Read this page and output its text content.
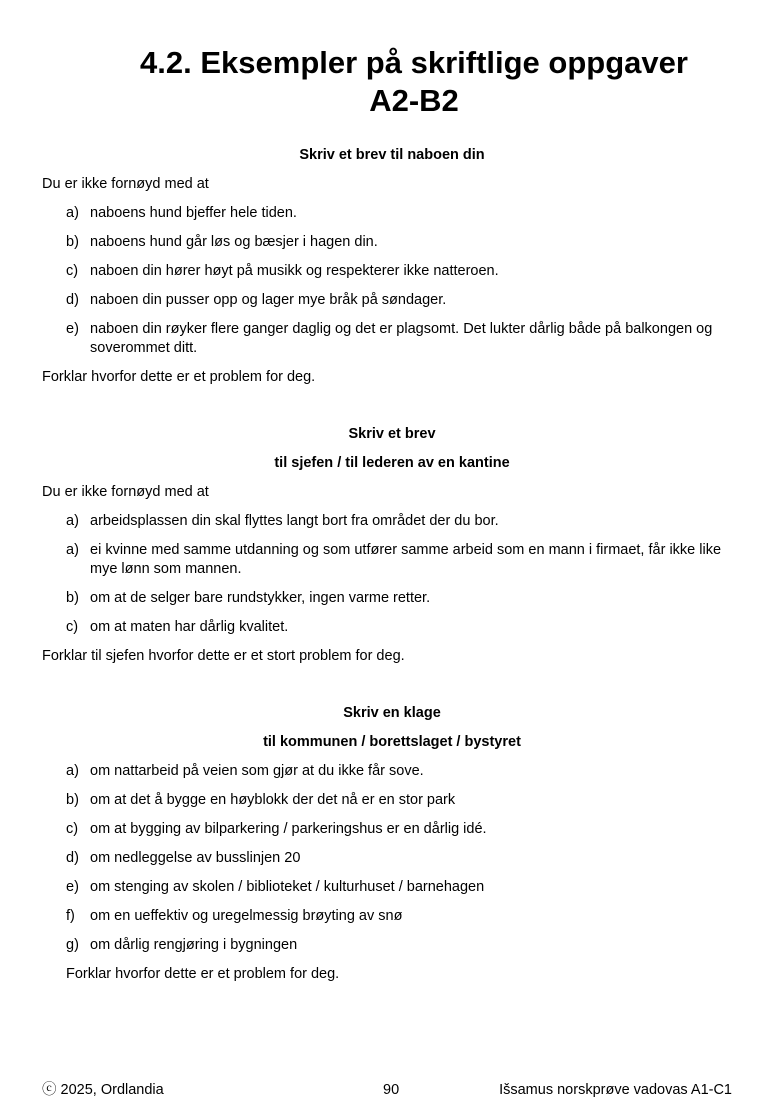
4.2. Eksempler på skriftlige oppgaver
A2-B2
Skriv et brev til naboen din
Du er ikke fornøyd med at
a) naboens hund bjeffer hele tiden.
b) naboens hund går løs og bæsjer i hagen din.
c) naboen din hører høyt på musikk og respekterer ikke natteroen.
d) naboen din pusser opp og lager mye bråk på søndager.
e) naboen din røyker flere ganger daglig og det er plagsomt. Det lukter dårlig både på balkongen og soverommet ditt.
Forklar hvorfor dette er et problem for deg.
Skriv et brev
til sjefen / til lederen av en kantine
Du er ikke fornøyd med at
a) arbeidsplassen din skal flyttes langt bort fra området der du bor.
a) ei kvinne med samme utdanning og som utfører samme arbeid som en mann i firmaet, får ikke like mye lønn som mannen.
b) om at de selger bare rundstykker, ingen varme retter.
c) om at maten har dårlig kvalitet.
Forklar til sjefen hvorfor dette er et stort problem for deg.
Skriv en klage
til kommunen / borettslaget / bystyret
a) om nattarbeid på veien som gjør at du ikke får sove.
b) om at det å bygge en høyblokk der det nå er en stor park
c) om at bygging av bilparkering / parkeringshus er en dårlig idé.
d) om nedleggelse av busslinjen 20
e) om stenging av skolen / biblioteket / kulturhuset / barnehagen
f)	om en ueffektiv og uregelmessig brøyting av snø
g) om dårlig rengjøring i bygningen
Forklar hvorfor dette er et problem for deg.
ⓒ 2025, Ordlandia	90	Išsamus norskprøve vadovas A1-C1
